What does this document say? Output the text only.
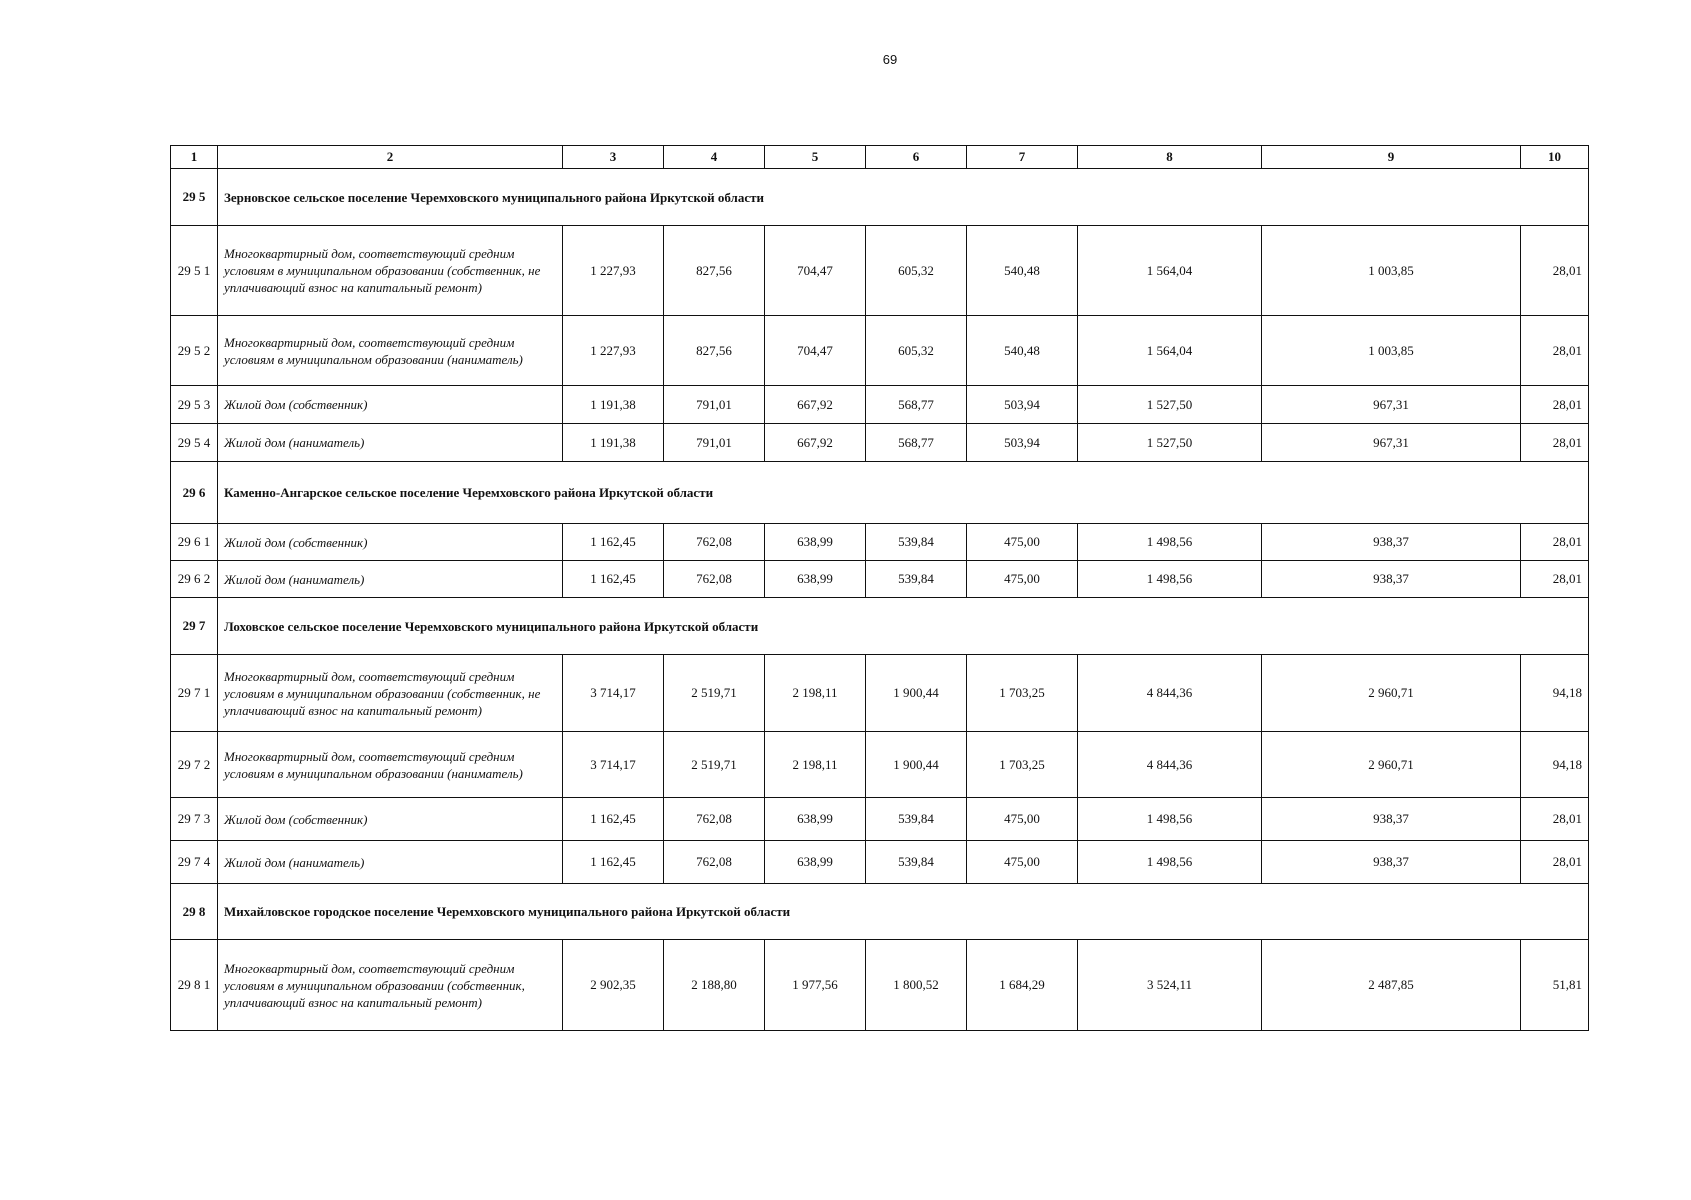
69
1	2	3	4	5	6	7	8	9	10
29 5	Зерновское сельское поселение Черемховского муниципального района Иркутской области								
29 5 1	Многоквартирный дом, соответствующий средним условиям в муниципальном образовании (собственник, не уплачивающий взнос на капитальный ремонт)	1 227,93	827,56	704,47	605,32	540,48	1 564,04	1 003,85	28,01
29 5 2	Многоквартирный дом, соответствующий средним условиям в муниципальном образовании (наниматель)	1 227,93	827,56	704,47	605,32	540,48	1 564,04	1 003,85	28,01
29 5 3	Жилой дом (собственник)	1 191,38	791,01	667,92	568,77	503,94	1 527,50	967,31	28,01
29 5 4	Жилой дом (наниматель)	1 191,38	791,01	667,92	568,77	503,94	1 527,50	967,31	28,01
29 6	Каменно-Ангарское сельское поселение Черемховского района Иркутской области								
29 6 1	Жилой дом (собственник)	1 162,45	762,08	638,99	539,84	475,00	1 498,56	938,37	28,01
29 6 2	Жилой дом (наниматель)	1 162,45	762,08	638,99	539,84	475,00	1 498,56	938,37	28,01
29 7	Лоховское сельское поселение Черемховского муниципального района Иркутской области								
29 7 1	Многоквартирный дом, соответствующий средним условиям в муниципальном образовании (собственник, не уплачивающий взнос на капитальный ремонт)	3 714,17	2 519,71	2 198,11	1 900,44	1 703,25	4 844,36	2 960,71	94,18
29 7 2	Многоквартирный дом, соответствующий средним условиям в муниципальном образовании (наниматель)	3 714,17	2 519,71	2 198,11	1 900,44	1 703,25	4 844,36	2 960,71	94,18
29 7 3	Жилой дом (собственник)	1 162,45	762,08	638,99	539,84	475,00	1 498,56	938,37	28,01
29 7 4	Жилой дом (наниматель)	1 162,45	762,08	638,99	539,84	475,00	1 498,56	938,37	28,01
29 8	Михайловское городское поселение Черемховского муниципального района Иркутской области								
29 8 1	Многоквартирный дом, соответствующий средним условиям в муниципальном образовании (собственник, уплачивающий взнос на капитальный ремонт)	2 902,35	2 188,80	1 977,56	1 800,52	1 684,29	3 524,11	2 487,85	51,81
